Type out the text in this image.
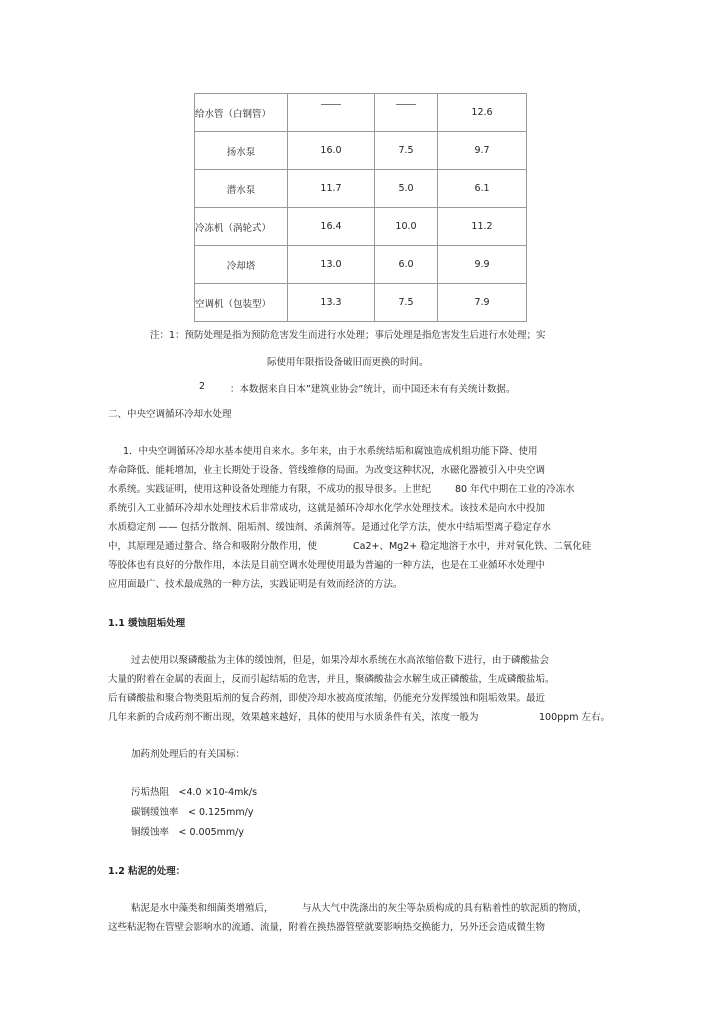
给水管（白钢管）			12.6
扬水泵	16.0	7.5	9.7
潜水泵	11.7	5.0	6.1
冷冻机（涡轮式）	16.4	10.0	11.2
冷却塔	13.0	6.0	9.9
空调机（包装型）	13.3	7.5	7.9
注：1：预防处理是指为预防危害发生而进行水处理；事后处理是指危害发生后进行水处理；实
际使用年限指设备破旧而更换的时间。
2	：本数据来自日本”建筑业协会”统计，而中国还未有有关统计数据。
二、中央空调循环冷却水处理
1．中央空调循环冷却水基本使用自来水。多年来，由于水系统结垢和腐蚀造成机组功能下降、使用
寿命降低、能耗增加，业主长期处于设备、管线维修的局面。为改变这种状况，水磁化器被引入中央空调
水系统。实践证明，使用这种设备处理能力有限，不成功的报导很多。上世纪	80 年代中期在工业的冷冻水
系统引入工业循环冷却水处理技术后非常成功，这就是循环冷却水化学水处理技术。该技术是向水中投加
水质稳定剂 —— 包括分散剂、阻垢剂、缓蚀剂、杀菌剂等。是通过化学方法，使水中结垢型离子稳定存水
中，其原理是通过螯合、络合和吸附分散作用，使	Ca2+、Mg2+ 稳定地溶于水中，并对氧化铁、二氧化硅
等胶体也有良好的分散作用，本法是目前空调水处理使用最为普遍的一种方法，也是在工业循环水处理中
应用面最广、技术最成熟的一种方法，实践证明是有效而经济的方法。
1.1 缓蚀阻垢处理
过去使用以聚磷酸盐为主体的缓蚀剂，但是，如果冷却水系统在水高浓缩倍数下进行，由于磷酸盐会
大量的附着在金属的表面上，反而引起结垢的危害，并且，聚磷酸盐会水解生成正磷酸盐，生成磷酸盐垢。
后有磷酸盐和聚合物类阻垢剂的复合药剂，即使冷却水被高度浓缩，仍能充分发挥缓蚀和阻垢效果。最近
几年来新的合成药剂不断出现，效果越来越好，具体的使用与水质条件有关，浓度一般为	100ppm 左右。
加药剂处理后的有关国标：
污垢热阻　<4.0 ×10-4mk/s
碳钢缓蚀率　< 0.125mm/y
铜缓蚀率　< 0.005mm/y
1.2 粘泥的处理：
粘泥是水中藻类和细菌类增殖后，	与从大气中洗涤出的灰尘等杂质构成的具有粘着性的软泥质的物质，
这些粘泥物在管壁会影响水的流通、流量，附着在换热器管壁就要影响热交换能力，另外还会造成微生物
